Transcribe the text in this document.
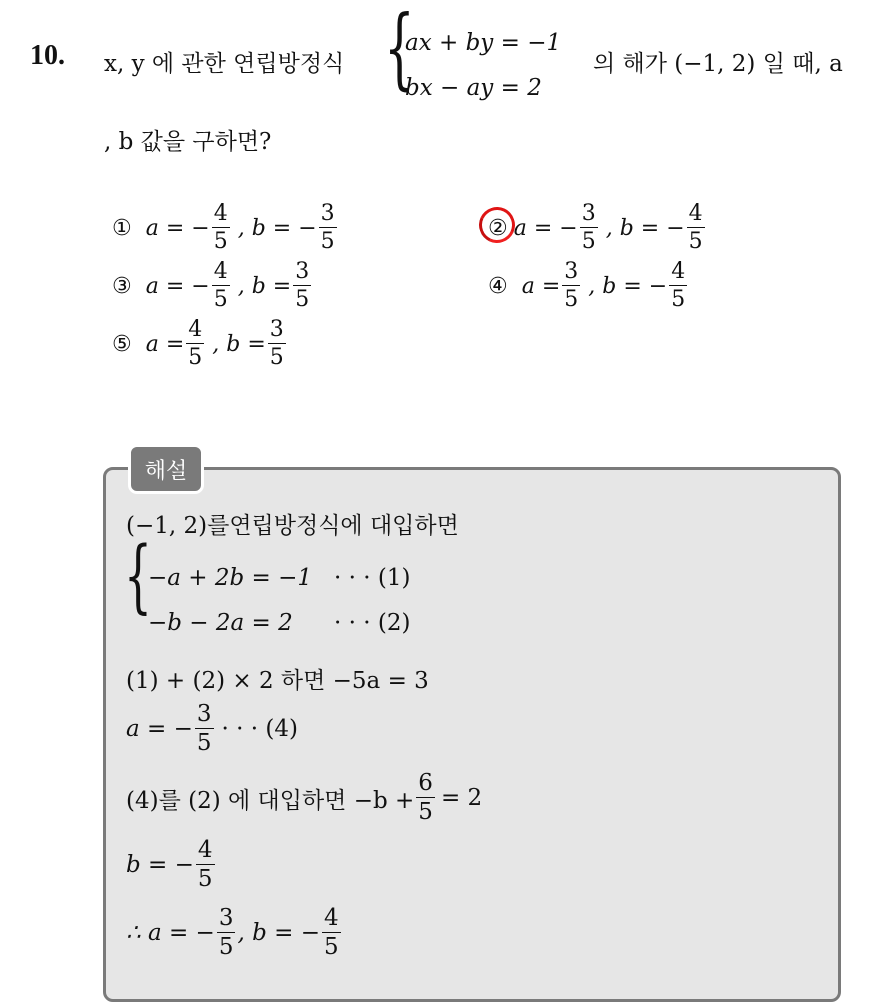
10. x, y 에 관한 연립방정식 {
ax + by = −1
bx − ay = 2
의 해가 (−1, 2) 일 때, a
, b 값을 구하면?
① a = − $\frac{4}{5}$ , b = − $\frac{3}{5}$	② a = − $\frac{3}{5}$ , b = − $\frac{4}{5}$
③ a = − $\frac{4}{5}$ , $b = \frac{3}{5}$	④ $a = \frac{3}{5}$ , b = − $\frac{4}{5}$
⑤ $a = \frac{4}{5}$ , $b = \frac{3}{5}$
해설
(−1, 2)를연립방정식에 대입하면
{
−a + 2b = −1 · · · (1)
−b − 2a = 2 · · · (2)
(1) + (2) × 2 하면 −5a = 3
a = − $\frac{3}{5}$ · · · (4)
(4)를 (2) 에 대입하면 $-b + \frac{6}{5} = 2$
b = − $\frac{4}{5}$
∴ a = − $\frac{3}{5}$ , b = − $\frac{4}{5}$
